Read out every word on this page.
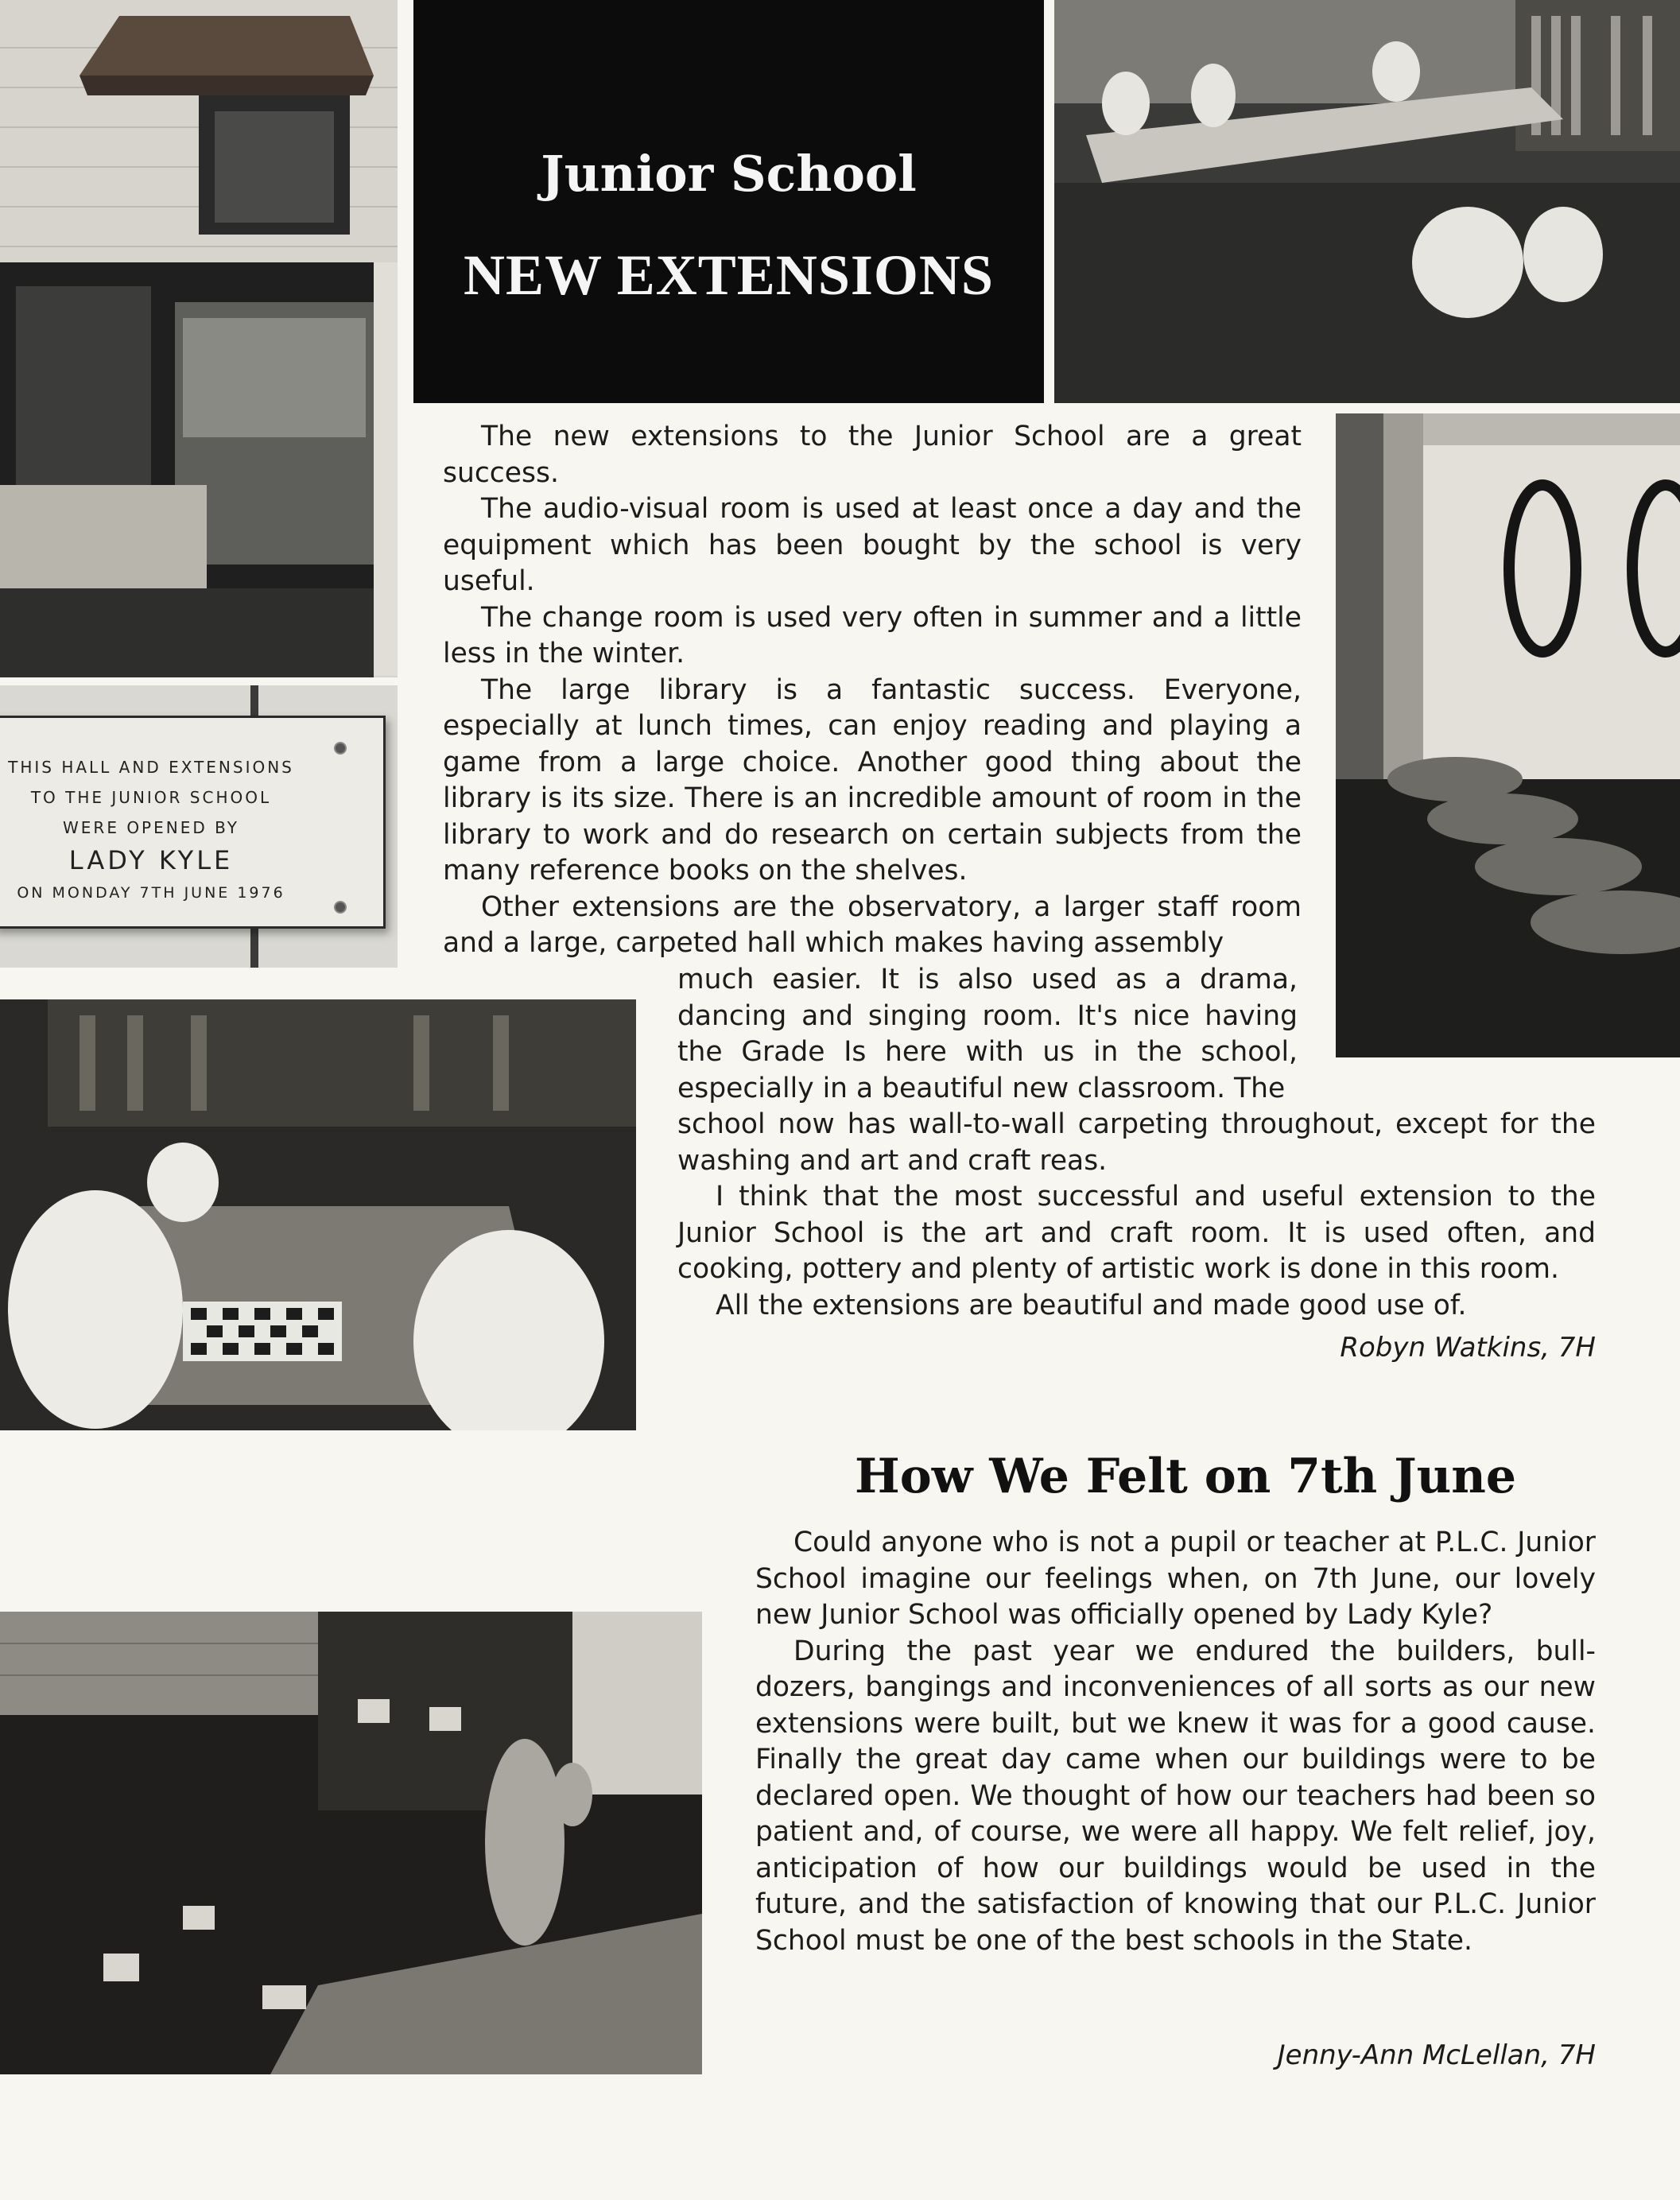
Junior School
NEW EXTENSIONS
THIS HALL AND EXTENSIONS
TO THE JUNIOR SCHOOL
WERE OPENED BY
LADY KYLE
ON MONDAY 7TH JUNE 1976

The new extensions to the Junior School are a great success.

The audio-visual room is used at least once a day and the equipment which has been bought by the school is very useful.

The change room is used very often in summer and a little less in the winter.

The large library is a fantastic success. Everyone, especially at lunch times, can enjoy reading and playing a game from a large choice. Another good thing about the library is its size. There is an incredible amount of room in the library to work and do research on certain subjects from the many reference books on the shelves.

Other extensions are the observatory, a larger staff room and a large, carpeted hall which makes having assembly

much easier. It is also used as a drama, dancing and singing room. It's nice having the Grade Is here with us in the school, especially in a beautiful new classroom. The

school now has wall-to-wall carpeting throughout, except for the washing and art and craft reas.

I think that the most successful and useful extension to the Junior School is the art and craft room. It is used often, and cooking, pottery and plenty of artistic work is done in this room.

All the extensions are beautiful and made good use of.

Robyn Watkins, 7H
How We Felt on 7th June

Could anyone who is not a pupil or teacher at P.L.C. Junior School imagine our feelings when, on 7th June, our lovely new Junior School was officially opened by Lady Kyle?

During the past year we endured the builders, bull-dozers, bangings and inconveniences of all sorts as our new extensions were built, but we knew it was for a good cause. Finally the great day came when our buildings were to be declared open. We thought of how our teachers had been so patient and, of course, we were all happy. We felt relief, joy, anticipation of how our buildings would be used in the future, and the satisfaction of knowing that our P.L.C. Junior School must be one of the best schools in the State.

Jenny-Ann McLellan, 7H
